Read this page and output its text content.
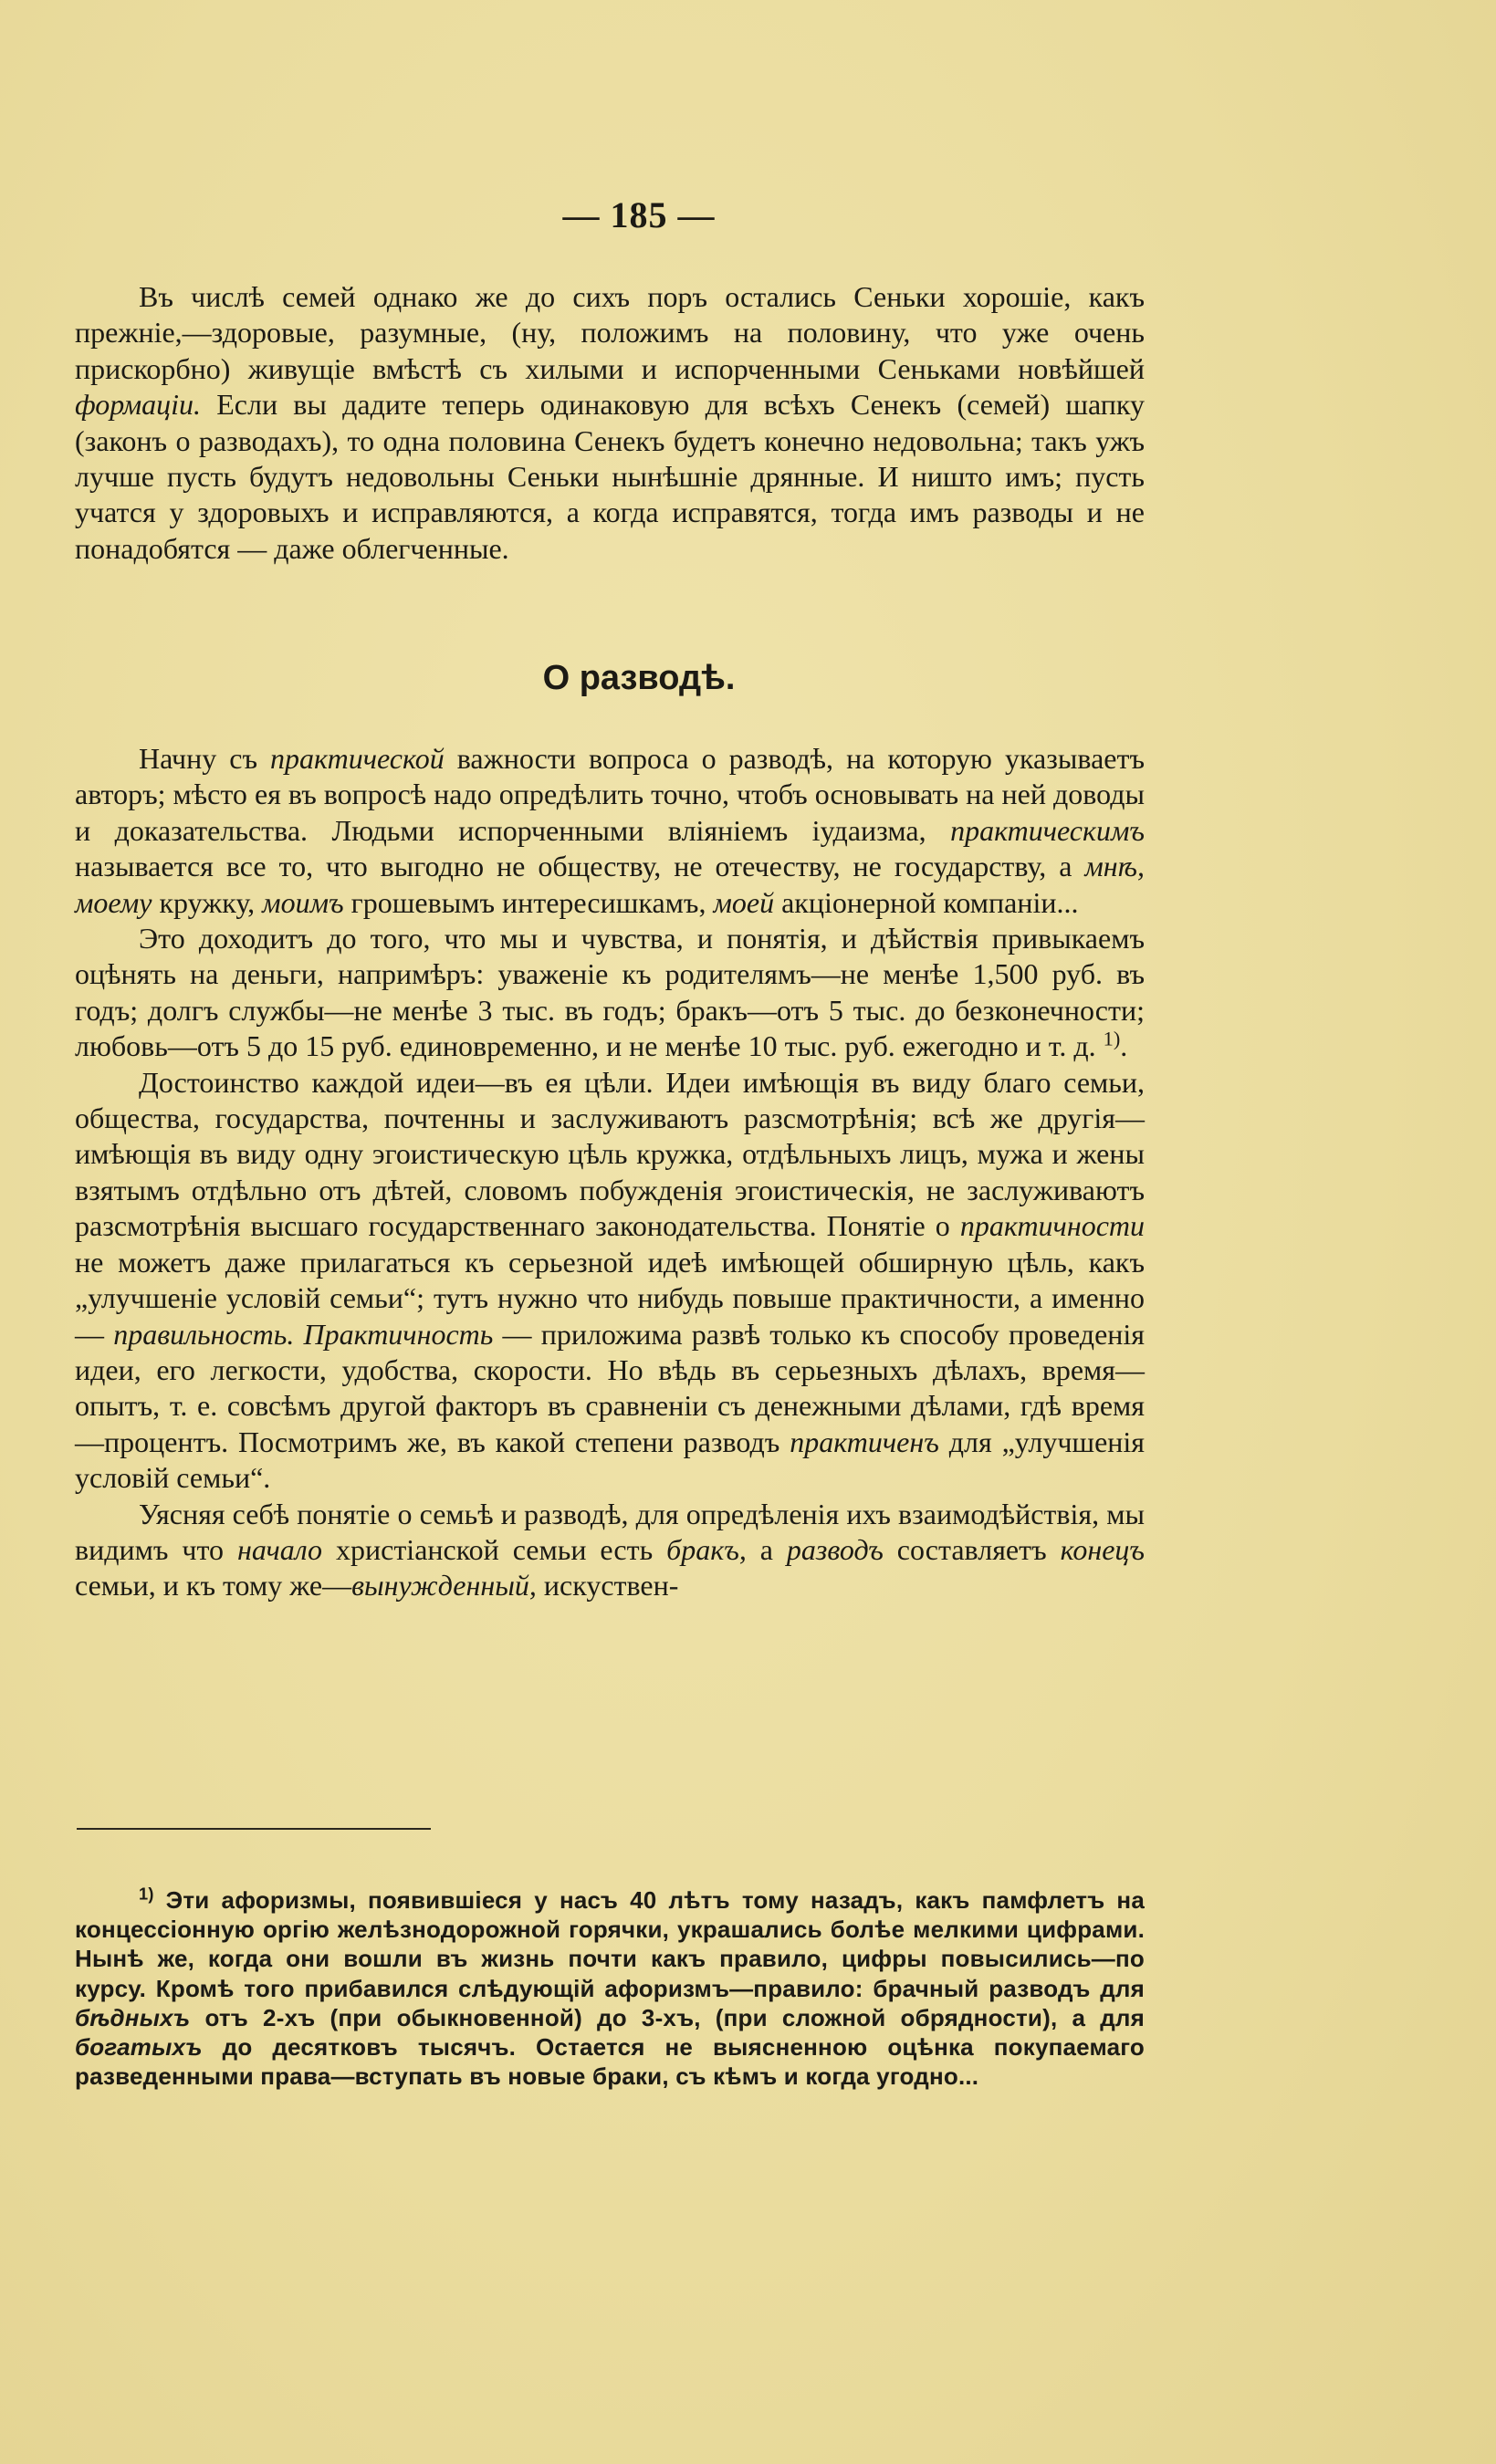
— 185 —

Въ числѣ семей однако же до сихъ поръ остались Сеньки хорошіе, какъ прежніе,—здоровые, разумные, (ну, положимъ на половину, что уже очень прискорбно) живущіе вмѣстѣ съ хилыми и испорченными Сеньками новѣйшей формаціи. Если вы дадите теперь одинаковую для всѣхъ Сенекъ (семей) шапку (законъ о разводахъ), то одна половина Сенекъ будетъ конечно недовольна; такъ ужъ лучше пусть будутъ недовольны Сеньки нынѣшніе дрянные. И ништо имъ; пусть учатся у здоровыхъ и исправляются, а когда исправятся, тогда имъ разводы и не понадобятся — даже облегченные.

О разводѣ.

Начну съ практической важности вопроса о разводѣ, на которую указываетъ авторъ; мѣсто ея въ вопросѣ надо опредѣлить точно, чтобъ основывать на ней доводы и доказательства. Людьми испорченными вліяніемъ іудаизма, практическимъ называется все то, что выгодно не обществу, не отечеству, не государству, а мнѣ, моему кружку, моимъ грошевымъ интересишкамъ, моей акціонерной компаніи...

Это доходитъ до того, что мы и чувства, и понятія, и дѣйствія привыкаемъ оцѣнять на деньги, напримѣръ: уваженіе къ родителямъ—не менѣе 1,500 руб. въ годъ; долгъ службы—не менѣе 3 тыс. въ годъ; бракъ—отъ 5 тыс. до безконечности; любовь—отъ 5 до 15 руб. единовременно, и не менѣе 10 тыс. руб. ежегодно и т. д. $^{1)}$.

Достоинство каждой идеи—въ ея цѣли. Идеи имѣющія въ виду благо семьи, общества, государства, почтенны и заслуживаютъ разсмотрѣнія; всѣ же другія—имѣющія въ виду одну эгоистическую цѣль кружка, отдѣльныхъ лицъ, мужа и жены взятымъ отдѣльно отъ дѣтей, словомъ побужденія эгоистическія, не заслуживаютъ разсмотрѣнія высшаго государственнаго законодательства. Понятіе о практичности не можетъ даже прилагаться къ серьезной идеѣ имѣющей обширную цѣль, какъ „улучшеніе условій семьи“; тутъ нужно что нибудь повыше практичности, а именно — правильность. Практичность — приложима развѣ только къ способу проведенія идеи, его легкости, удобства, скорости. Но вѣдь въ серьезныхъ дѣлахъ, время—опытъ, т. е. совсѣмъ другой факторъ въ сравненіи съ денежными дѣлами, гдѣ время—процентъ. Посмотримъ же, въ какой степени разводъ практиченъ для „улучшенія условій семьи“.

Уясняя себѣ понятіе о семьѣ и разводѣ, для опредѣленія ихъ взаимодѣйствія, мы видимъ что начало христіанской семьи есть бракъ, а разводъ составляетъ конецъ семьи, и къ тому же—вынужденный, искуствен-

$^{1)}$ Эти афоризмы, появившіеся у насъ 40 лѣтъ тому назадъ, какъ памфлетъ на концессіонную оргію желѣзнодорожной горячки, украшались болѣе мелкими цифрами. Нынѣ же, когда они вошли въ жизнь почти какъ правило, цифры повысились—по курсу. Кромѣ того прибавился слѣдующій афоризмъ—правило: брачный разводъ для бѣдныхъ отъ 2-хъ (при обыкновенной) до 3-хъ, (при сложной обрядности), а для богатыхъ до десятковъ тысячъ. Остается не выясненною оцѣнка покупаемаго разведенными права—вступать въ новые браки, съ кѣмъ и когда угодно...
